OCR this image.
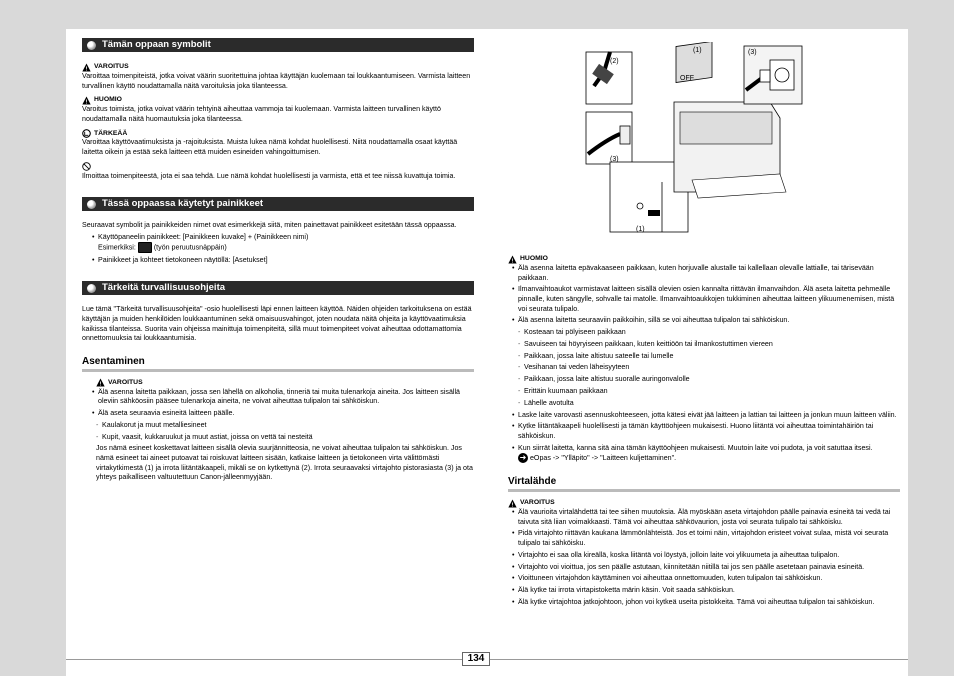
Tämän oppaan symbolit
! VAROITUS

Varoittaa toimenpiteistä, jotka voivat väärin suoritettuina johtaa käyttäjän kuolemaan tai loukkaantumiseen. Varmista laitteen turvallinen käyttö noudattamalla näitä varoituksia joka tilanteessa.

! HUOMIO

Varoitus toimista, jotka voivat väärin tehtyinä aiheuttaa vammoja tai kuolemaan. Varmista laitteen turvallinen käyttö noudattamalla näitä huomautuksia joka tilanteessa.

TÄRKEÄÄ

Varoittaa käyttövaatimuksista ja -rajoituksista. Muista lukea nämä kohdat huolellisesti. Niitä noudattamalla osaat käyttää laitetta oikein ja estää sekä laitteen että muiden esineiden vahingoittumisen.

Ilmoittaa toimenpiteestä, jota ei saa tehdä. Lue nämä kohdat huolellisesti ja varmista, että et tee niissä kuvattuja toimia.

Tässä oppaassa käytetyt painikkeet

Seuraavat symbolit ja painikkeiden nimet ovat esimerkkejä siitä, miten painettavat painikkeet esitetään tässä oppaassa.

• Käyttöpaneelin painikkeet: [Painikkeen kuvake] + (Painikkeen nimi)
Esimerkiksi:	(työn peruutusnäppäin)
• Painikkeet ja kohteet tietokoneen näytöllä: [Asetukset]
Tärkeitä turvallisuusohjeita

Lue tämä "Tärkeitä turvallisuusohjeita" -osio huolellisesti läpi ennen laitteen käyttöä. Näiden ohjeiden tarkoituksena on estää käyttäjän ja muiden henkilöiden loukkaantuminen sekä omaisuusvahingot, joten noudata näitä ohjeita ja käyttövaatimuksia kaikissa tilanteissa. Suorita vain ohjeissa mainittuja toimenpiteitä, sillä muut toimenpiteet voivat aiheuttaa odottamattomia onnettomuuksia tai loukkaantumisia.

Asentaminen
! VAROITUS
• Älä asenna laitetta paikkaan, jossa sen lähellä on alkoholia, tinneriä tai muita tulenarkoja aineita. Jos laitteen sisällä oleviin sähköosiin pääsee tulenarkoja aineita, ne voivat aiheuttaa tulipalon tai sähköiskun.
• Älä aseta seuraavia esineitä laitteen päälle.
- Kaulakorut ja muut metalliesineet
- Kupit, vaasit, kukkaruukut ja muut astiat, joissa on vettä tai nesteitä

Jos nämä esineet koskettavat laitteen sisällä olevia suurjännitteosia, ne voivat aiheuttaa tulipalon tai sähköiskun. Jos nämä esineet tai aineet putoavat tai roiskuvat laitteen sisään, katkaise laitteen ja tietokoneen virta välittömästi virtakytkimestä (1) ja irrota liitäntäkaapeli, mikäli se on kytkettynä (2). Irrota seuraavaksi virtajohto pistorasiasta (3) ja ota yhteys paikalliseen valtuutettuun Canon-jälleenmyyjään.

OFF
(1)
(2)
(3)
(3)
(1)
! HUOMIO
• Älä asenna laitetta epävakaaseen paikkaan, kuten horjuvalle alustalle tai kallellaan olevalle lattialle, tai tärisevään paikkaan.
• Ilmanvaihtoaukot varmistavat laitteen sisällä olevien osien kannalta riittävän ilmanvaihdon. Älä aseta laitetta pehmeälle pinnalle, kuten sängylle, sohvalle tai matolle. Ilmanvaihtoaukkojen tukkiminen aiheuttaa laitteen ylikuumenemisen, mistä voi seurata tulipalo.
• Älä asenna laitetta seuraaviin paikkoihin, sillä se voi aiheuttaa tulipalon tai sähköiskun.
- Kosteaan tai pölyiseen paikkaan
- Savuiseen tai höyryiseen paikkaan, kuten keittiöön tai ilmankostuttimen viereen
- Paikkaan, jossa laite altistuu sateelle tai lumelle
- Vesihanan tai veden läheisyyteen
- Paikkaan, jossa laite altistuu suoralle auringonvalolle
- Erittäin kuumaan paikkaan
- Lähelle avotulta
• Laske laite varovasti asennuskohteeseen, jotta kätesi eivät jää laitteen ja lattian tai laitteen ja jonkun muun laitteen väliin.
• Kytke liitäntäkaapeli huolellisesti ja tämän käyttöohjeen mukaisesti. Huono liitäntä voi aiheuttaa toimintahäiriön tai sähköiskun.
• Kun siirrät laitetta, kanna sitä aina tämän käyttöohjeen mukaisesti. Muutoin laite voi pudota, ja voit satuttaa itsesi.
➜ eOpas -> "Ylläpito" -> "Laitteen kuljettaminen".
Virtalähde
! VAROITUS
• Älä vaurioita virtalähdettä tai tee siihen muutoksia. Älä myöskään aseta virtajohdon päälle painavia esineitä tai vedä tai taivuta sitä liian voimakkaasti. Tämä voi aiheuttaa sähkövaurion, josta voi seurata tulipalo tai sähköisku.
• Pidä virtajohto riittävän kaukana lämmönlähteistä. Jos et toimi näin, virtajohdon eristeet voivat sulaa, mistä voi seurata tulipalo tai sähköisku.
• Virtajohto ei saa olla kireällä, koska liitäntä voi löystyä, jolloin laite voi ylikuumeta ja aiheuttaa tulipalon.
• Virtajohto voi vioittua, jos sen päälle astutaan, kiinnitetään niitillä tai jos sen päälle asetetaan painavia esineitä.
• Vioittuneen virtajohdon käyttäminen voi aiheuttaa onnettomuuden, kuten tulipalon tai sähköiskun.
• Älä kytke tai irrota virtapistoketta märin käsin. Voit saada sähköiskun.
• Älä kytke virtajohtoa jatkojohtoon, johon voi kytkeä useita pistokkeita. Tämä voi aiheuttaa tulipalon tai sähköiskun.
134
